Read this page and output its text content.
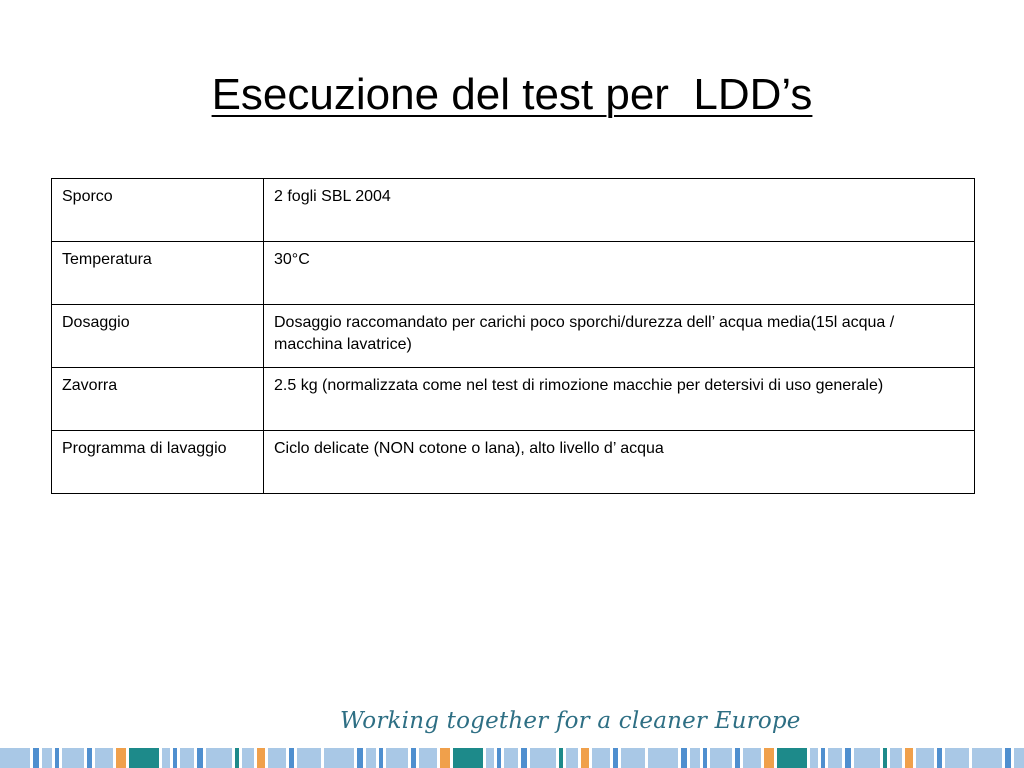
Esecuzione del test per  LDD’s
Sporco	2 fogli SBL 2004
Temperatura	30°C
Dosaggio	Dosaggio raccomandato per carichi poco sporchi/durezza dell’ acqua media(15l acqua / macchina lavatrice)
Zavorra	2.5 kg (normalizzata come nel test di rimozione macchie per detersivi di uso generale)

Programma di lavaggio	Ciclo delicate (NON cotone o lana), alto livello d’ acqua
Working together for a cleaner Europe
